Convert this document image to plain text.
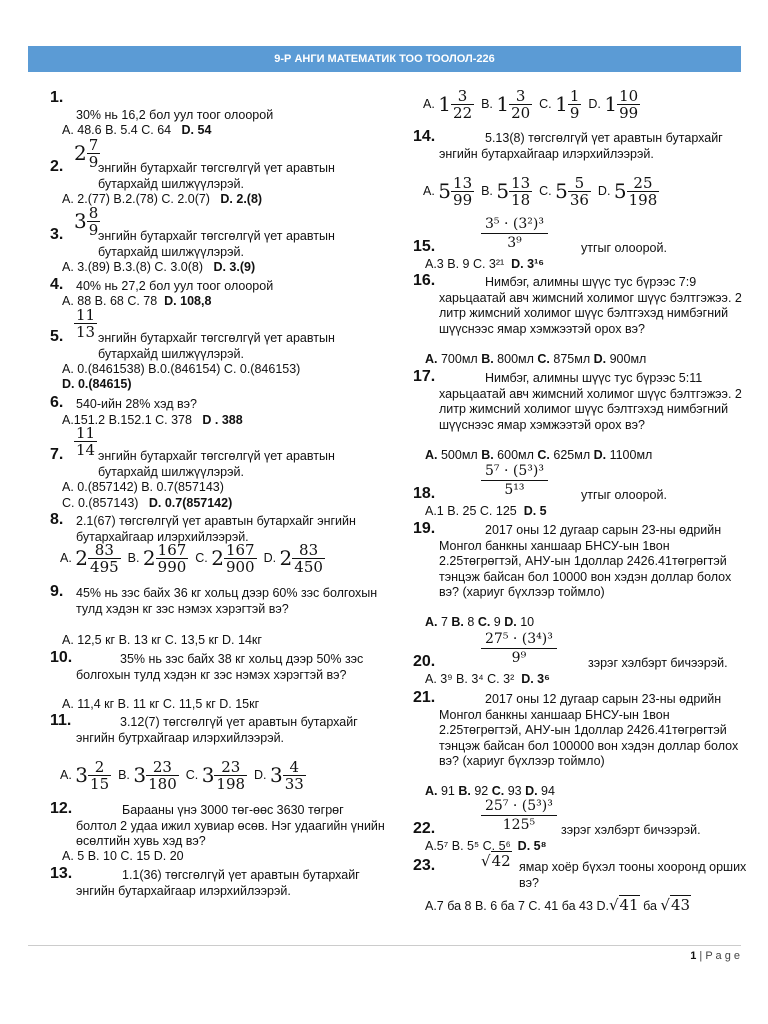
9-Р АНГИ МАТЕМАТИК ТОО ТООЛОЛ-226
1.
30% нь 16,2 бол уул тоог олоорой
A. 48.6 B. 5.4 C. 64 D. 54
2.
$2 \frac{7}{9}$
энгийн бутархайг төгсгөлгүй үет аравтын бутархайд шилжүүлэрэй.
A. 2.(77) B.2.(78) C. 2.0(7) D. 2.(8)
3.
$3 \frac{8}{9}$
энгийн бутархайг төгсгөлгүй үет аравтын бутархайд шилжүүлэрэй.
A. 3.(89) B.3.(8) C. 3.0(8) D. 3.(9)
4. 40% нь 27,2 бол уул тоог олоорой
A. 88 B. 68 C. 78 D. 108,8
5. $\frac{11}{13}$ энгийн бутархайг төгсгөлгүй үет аравтын бутархайд шилжүүлэрэй.
A. 0.(8461538) B.0.(846154) C. 0.(846153)
D. 0.(84615)
6. 540-ийн 28% хэд вэ?
A.151.2 B.152.1 C. 378 D . 388
7. $\frac{11}{14}$ энгийн бутархайг төгсгөлгүй үет аравтын бутархайд шилжүүлэрэй.
A. 0.(857142) B. 0.7(857143)
C. 0.(857143) D. 0.7(857142)
8. 2.1(67) төгсгөлгүй үет аравтын бутархайг энгийн бутархайгаар илэрхийлээрэй.
A. $2 \frac{83}{495} B$. $2 \frac{167}{990} C$. $2 \frac{167}{900} D$. $2 \frac{83}{450}$
9. 45% нь зэс байх 36 кг хольц дээр 60% зэс болгохын тулд хэдэн кг зэс нэмэх хэрэгтэй вэ?
A. 12,5 кг B. 13 кг C. 13,5 кг D. 14кг
10.	35% нь зэс байх 38 кг хольц дээр 50% зэс болгохын тулд хэдэн кг зэс нэмэх хэрэгтэй вэ?
A. 11,4 кг B. 11 кг C. 11,5 кг D. 15кг
11.	3.12(7) төгсгөлгүй үет аравтын бутархайг энгийн бутрхайгаар илэрхийлээрэй.
A. $3 \frac{2}{15} B$. $3 \frac{23}{180} C$. $3 \frac{23}{198} D$. $3 \frac{4}{33}$
12.	Барааны үнэ 3000 төг-өөс 3630 төгрөг болтол 2 удаа ижил хувиар өсөв. Нэг удаагийн үнийн өсөлтийн хувь хэд вэ?
A. 5 B. 10 C. 15 D. 20
13.	1.1(36) төгсгөлгүй үет аравтын бутархайг энгийн бутархайгаар илэрхийлээрэй.
A. $1 \frac{3}{22} B$. $1 \frac{3}{20} C$. $1 \frac{1}{9} D$. $1 \frac{10}{99}$
14.	5.13(8) төгсгөлгүй үет аравтын бутархайг энгийн бутархайгаар илэрхийлээрэй.
A. $5 \frac{13}{99} B$. $5 \frac{13}{18} C$. $5 \frac{5}{36} D$. $5 \frac{25}{198}$
15.	$\frac{\text{3⁵ · (3²)³}}{\text{3⁹}}$	утгыг олоорой.
A.3 B. 9 C. 3²¹ D. 3¹⁶
16.	Нимбэг, алимны шүүс тус бүрээс 7:9 харьцаатай авч жимсний холимог шүүс бэлтгэжээ. 2 литр жимсний холимог шүүс бэлтгэхэд нимбэгний шүүснээс ямар хэмжээтэй орох вэ?
A. 700мл B. 800мл C. 875мл D. 900мл
17.	Нимбэг, алимны шүүс тус бүрээс 5:11 харьцаатай авч жимсний холимог шүүс бэлтгэжээ. 2 литр жимсний холимог шүүс бэлтгэхэд нимбэгний шүүснээс ямар хэмжээтэй орох вэ?
A. 500мл B. 600мл C. 625мл D. 1100мл
18.	$\frac{\text{5⁷ · (5³)³}}{\text{5¹³}}$	утгыг олоорой.
A.1 B. 25 C. 125 D. 5
19.	2017 оны 12 дугаар сарын 23-ны өдрийн Монгол банкны ханшаар БНСУ-ын 1вон 2.25төгрөгтэй, АНУ-ын 1доллар 2426.41төгрөгтэй тэнцэж байсан бол 10000 вон хэдэн доллар болох вэ? (хариуг бүхлээр тоймло)
A. 7 B. 8 C. 9 D. 10
20.	$\frac{\text{27⁵ · (3⁴)³}}{\text{9⁹}}$ зэрэг хэлбэрт бичээрэй.
A. 3⁹ B. 3⁴ C. 3² D. 3⁶
21.	2017 оны 12 дугаар сарын 23-ны өдрийн Монгол банкны ханшаар БНСУ-ын 1вон 2.25төгрөгтэй, АНУ-ын 1доллар 2426.41төгрөгтэй тэнцэж байсан бол 100000 вон хэдэн доллар болох вэ? (хариуг бүхлээр тоймло)
A. 91 B. 92 C. 93 D. 94
22.	$\frac{\text{25⁷ · (5³)³}}{\text{125⁵}}$ зэрэг хэлбэрт бичээрэй.
A.5⁷ B. 5⁵ C. 5⁶ D. 5⁸
23.	√42 ямар хоёр бүхэл тооны хооронд орших вэ?
A.7 ба 8 B. 6 ба 7 C. 41 ба 43 D.√41 ба √43
1 | P a g e
